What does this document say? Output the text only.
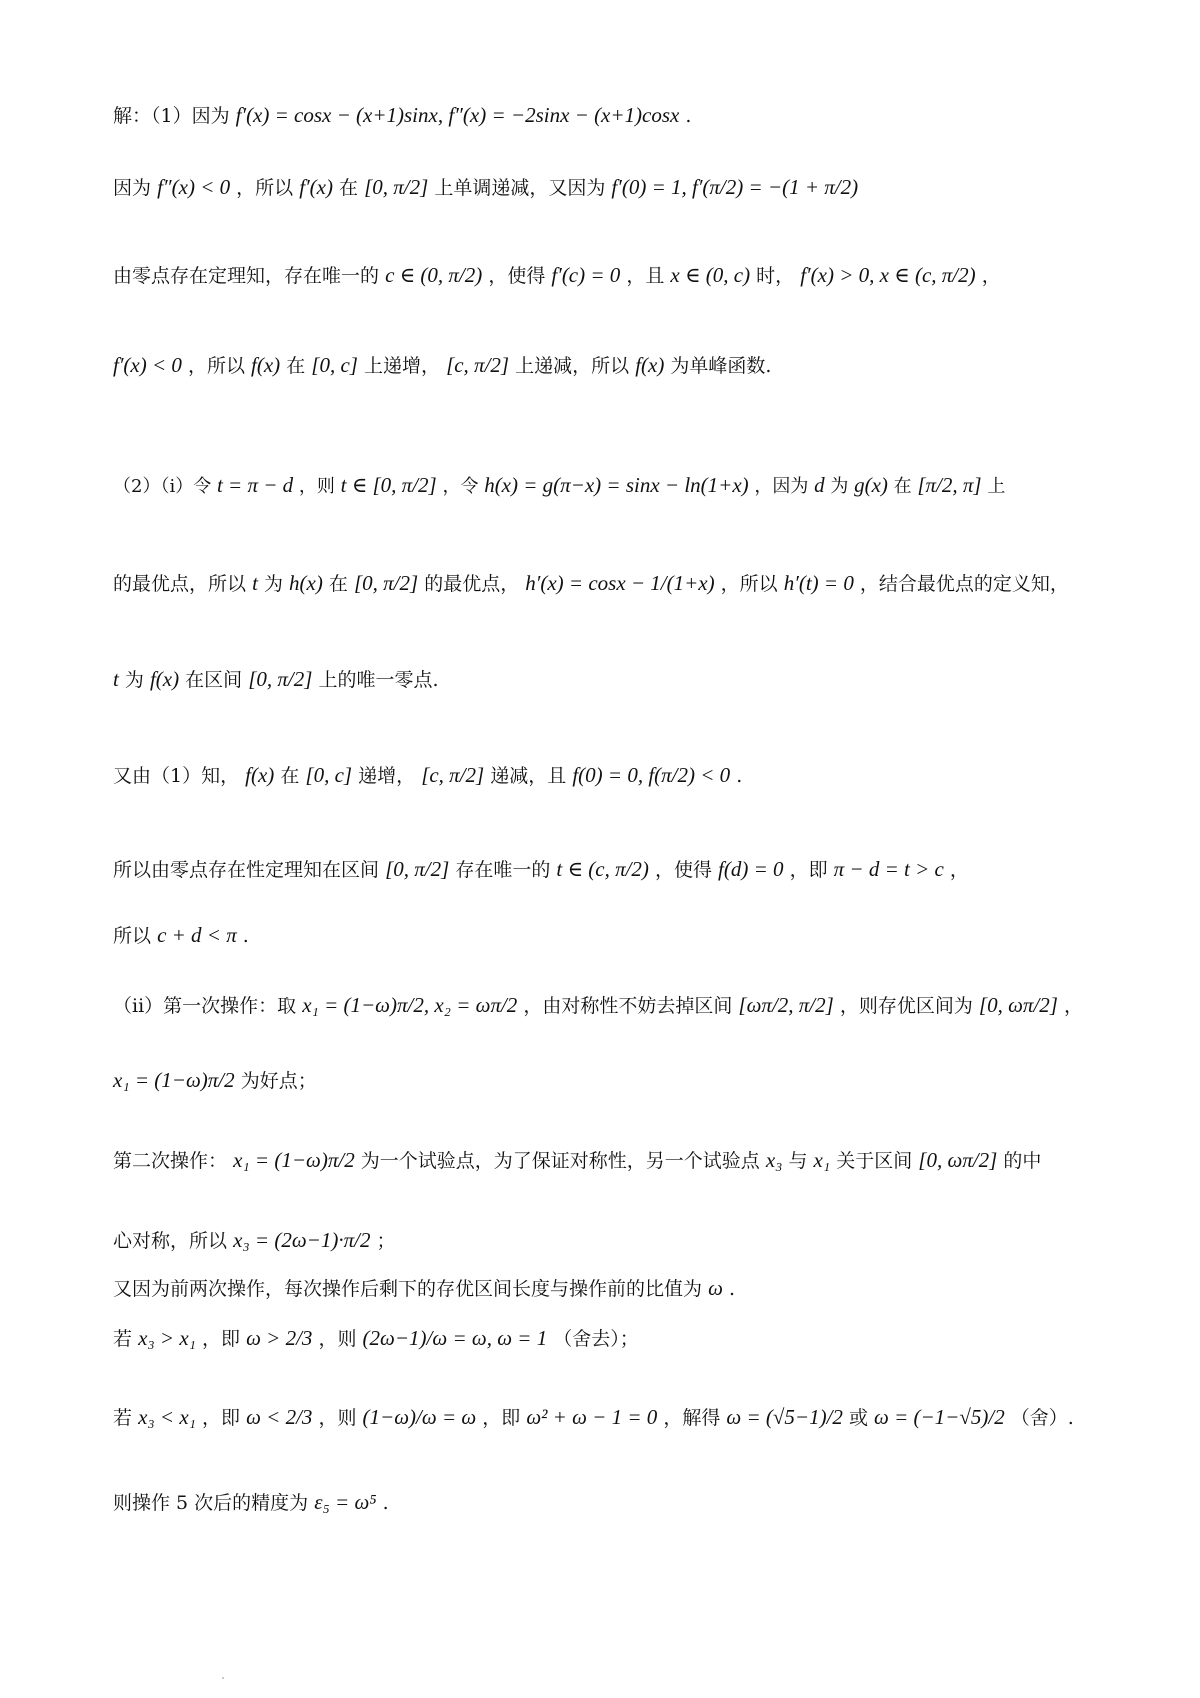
解：（1）因为 f′(x) = cosx − (x+1)sinx, f″(x) = −2sinx − (x+1)cosx .
因为 f″(x) < 0 ，所以 f′(x) 在 [0, π/2] 上单调递减，又因为 f′(0) = 1, f′(π/2) = −(1 + π/2)
由零点存在定理知，存在唯一的 c ∈ (0, π/2) ，使得 f′(c) = 0 ，且 x ∈ (0, c) 时， f′(x) > 0, x ∈ (c, π/2) ，
f′(x) < 0 ，所以 f(x) 在 [0, c] 上递增， [c, π/2] 上递减，所以 f(x) 为单峰函数.
（2）（i）令 t = π − d ，则 t ∈ [0, π/2] ，令 h(x) = g(π−x) = sinx − ln(1+x) ，因为 d 为 g(x) 在 [π/2, π] 上
的最优点，所以 t 为 h(x) 在 [0, π/2] 的最优点， h′(x) = cosx − 1/(1+x) ，所以 h′(t) = 0 ，结合最优点的定义知，
t 为 f(x) 在区间 [0, π/2] 上的唯一零点.
又由（1）知， f(x) 在 [0, c] 递增， [c, π/2] 递减，且 f(0) = 0, f(π/2) < 0 .
所以由零点存在性定理知在区间 [0, π/2] 存在唯一的 t ∈ (c, π/2) ，使得 f(d) = 0 ，即 π − d = t > c ，
所以 c + d < π .
（ii）第一次操作：取 x₁ = (1−ω)π/2, x₂ = ωπ/2 ，由对称性不妨去掉区间 [ωπ/2, π/2] ，则存优区间为 [0, ωπ/2] ，
x₁ = (1−ω)π/2 为好点；
第二次操作： x₁ = (1−ω)π/2 为一个试验点，为了保证对称性，另一个试验点 x₃ 与 x₁ 关于区间 [0, ωπ/2] 的中
心对称，所以 x₃ = (2ω−1)·π/2 ；
又因为前两次操作，每次操作后剩下的存优区间长度与操作前的比值为 ω .
若 x₃ > x₁ ，即 ω > 2/3 ，则 (2ω−1)/ω = ω, ω = 1 （舍去）；
若 x₃ < x₁ ，即 ω < 2/3 ，则 (1−ω)/ω = ω ，即 ω² + ω − 1 = 0 ，解得 ω = (√5−1)/2 或 ω = (−1−√5)/2 （舍）.
则操作 5 次后的精度为 ε₅ = ω⁵ .
